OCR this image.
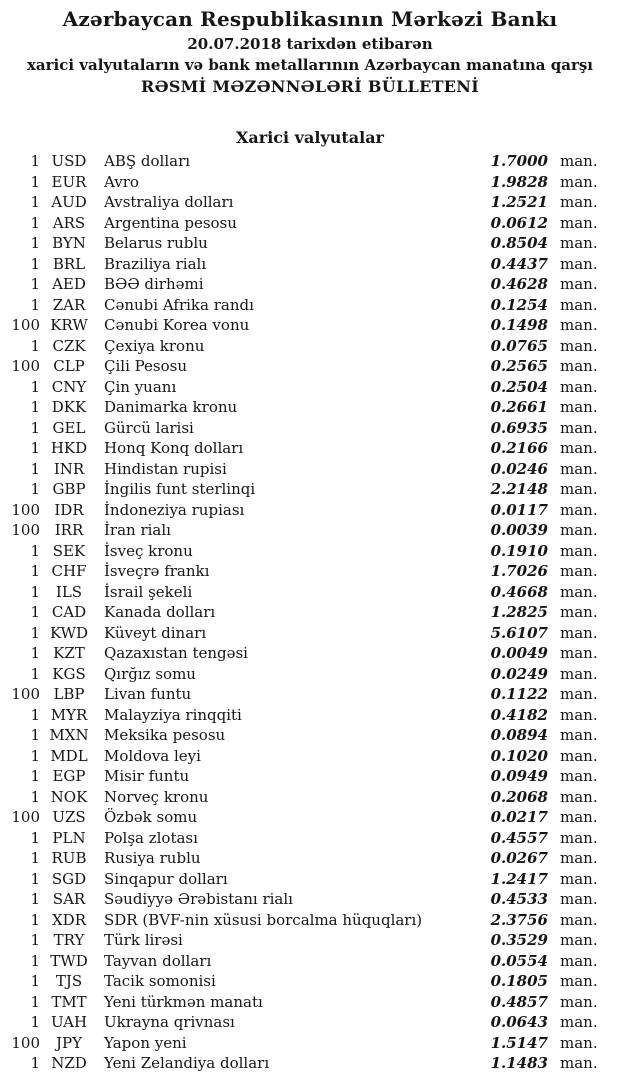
Azərbaycan Respublikasının Mərkəzi Bankı
20.07.2018 tarixdən etibarən
xarici valyutaların və bank metallarının Azərbaycan manatına qarşı
RƏSMİ MƏZƏNNƏLƏRİ BÜLLETENİ
Xarici valyutalar
1 USD	ABŞ dolları	1.7000 man.
1 EUR	Avro	1.9828 man.
1 AUD	Avstraliya dolları	1.2521 man.
1 ARS	Argentina pesosu	0.0612 man.
1 BYN	Belarus rublu	0.8504 man.
1 BRL	Braziliya rialı	0.4437 man.
1 AED	BƏƏ dirhəmi	0.4628 man.
1 ZAR	Cənubi Afrika randı	0.1254 man.
100 KRW	Cənubi Korea vonu	0.1498 man.
1 CZK	Çexiya kronu	0.0765 man.
100 CLP	Çili Pesosu	0.2565 man.
1 CNY	Çin yuanı	0.2504 man.
1 DKK	Danimarka kronu	0.2661 man.
1 GEL	Gürcü larisi	0.6935 man.
1 HKD	Honq Konq dolları	0.2166 man.
1 INR	Hindistan rupisi	0.0246 man.
1 GBP	İngilis funt sterlinqi	2.2148 man.
100 IDR	İndoneziya rupiası	0.0117 man.
100 IRR	İran rialı	0.0039 man.
1 SEK	İsveç kronu	0.1910 man.
1 CHF	İsveçrə frankı	1.7026 man.
1	ILS	İsrail şekeli	0.4668 man.
1 CAD	Kanada dolları	1.2825 man.
1 KWD	Küveyt dinarı	5.6107 man.
1 KZT	Qazaxıstan tengəsi	0.0049 man.
1 KGS	Qırğız somu	0.0249 man.
100 LBP	Livan funtu	0.1122 man.
1 MYR	Malayziya rinqqiti	0.4182 man.
1 MXN	Meksika pesosu	0.0894 man.
1 MDL	Moldova leyi	0.1020 man.
1 EGP	Misir funtu	0.0949 man.
1 NOK	Norveç kronu	0.2068 man.
100 UZS	Özbək somu	0.0217 man.
1 PLN	Polşa zlotası	0.4557 man.
1 RUB	Rusiya rublu	0.0267 man.
1 SGD	Sinqapur dolları	1.2417 man.
1 SAR	Səudiyyə Ərəbistanı rialı	0.4533 man.
1 XDR	SDR (BVF-nin xüsusi borcalma hüquqları)	2.3756 man.
1 TRY	Türk lirəsi	0.3529 man.
1 TWD	Tayvan dolları	0.0554 man.
1	TJS	Tacik somonisi	0.1805 man.
1 TMT	Yeni türkmən manatı	0.4857 man.
1 UAH	Ukrayna qrivnası	0.0643 man.
100	JPY	Yapon yeni	1.5147 man.
1 NZD	Yeni Zelandiya dolları	1.1483 man.
